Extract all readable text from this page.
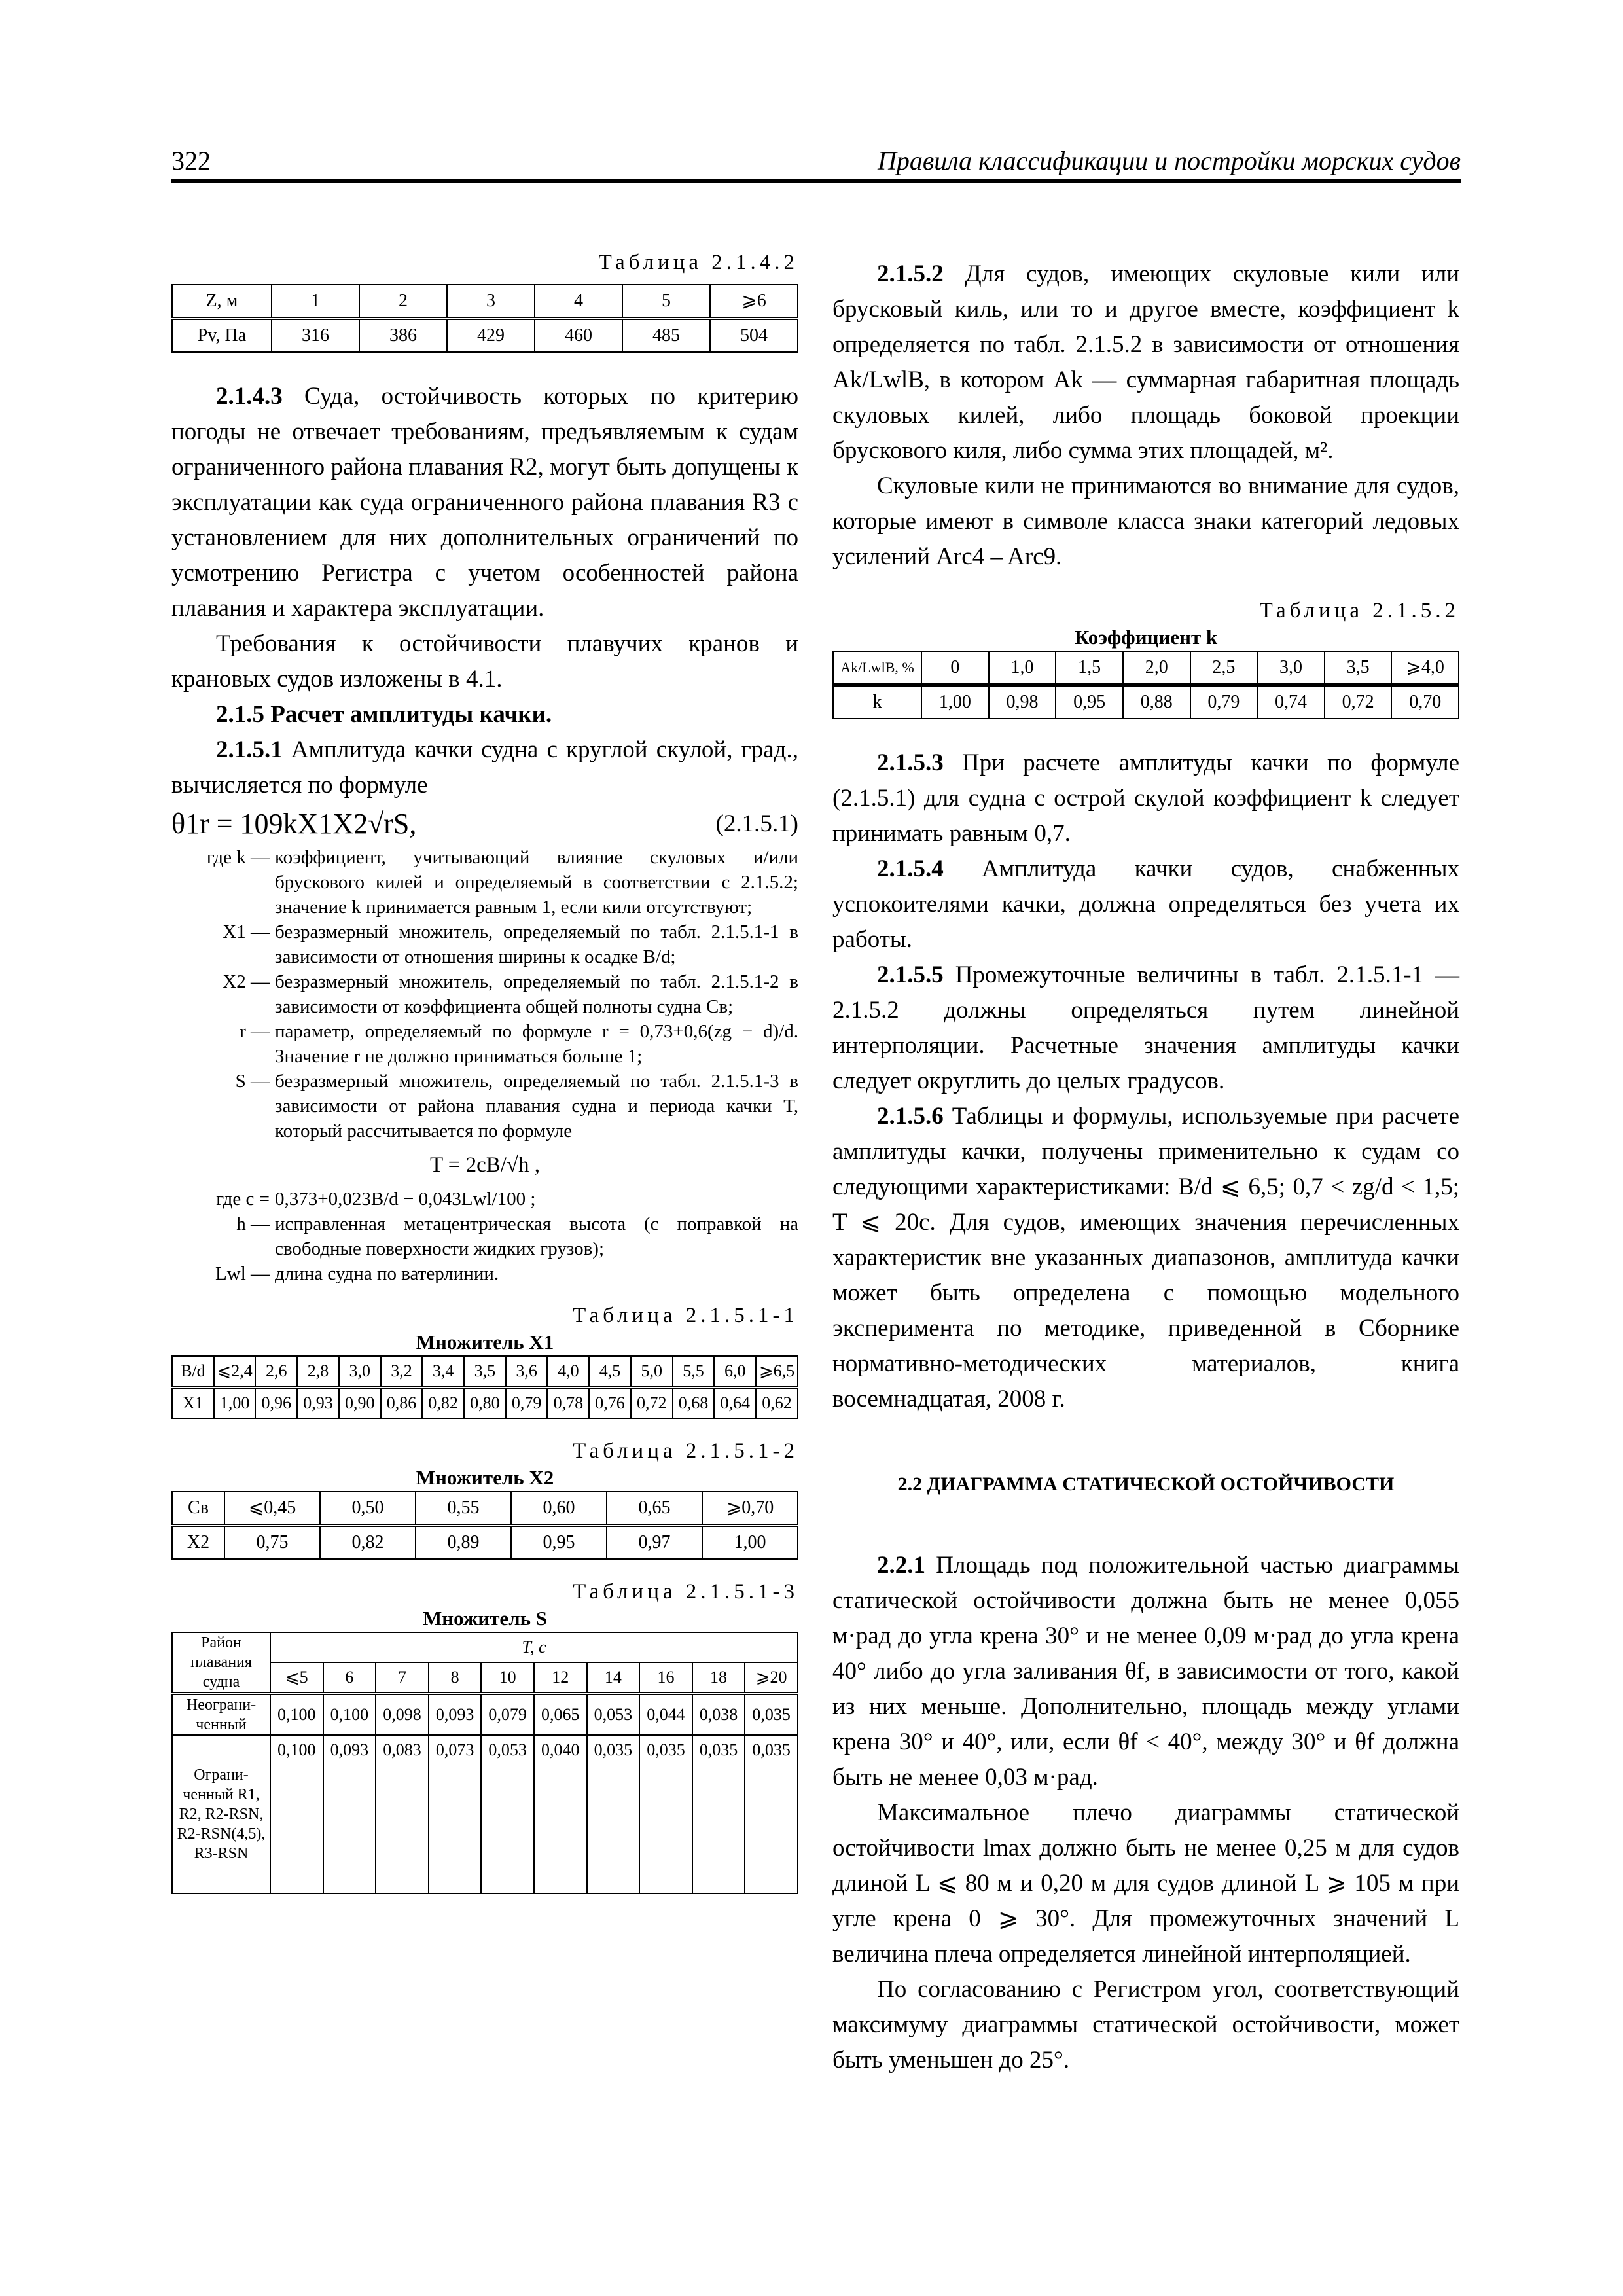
322	Правила классификации и постройки морских судов
Таблица 2.1.4.2
Z, м	1	2	3	4	5	⩾6
Pv, Па	316	386	429	460	485	504

2.1.4.3 Суда, остойчивость которых по критерию погоды не отвечает требованиям, предъявляемым к судам ограниченного района плавания R2, могут быть допущены к эксплуатации как суда ограниченного района плавания R3 с установлением для них дополнительных ограничений по усмотрению Регистра с учетом особенностей района плавания и характера эксплуатации.

Требования к остойчивости плавучих кранов и крановых судов изложены в 4.1.

2.1.5 Расчет амплитуды качки.

2.1.5.1 Амплитуда качки судна с круглой скулой, град., вычисляется по формуле

θ1r = 109kX1X2√rS,	(2.1.5.1)
где k — коэффициент, учитывающий влияние скуловых и/или брускового килей и определяемый в соответствии с 2.1.5.2; значение k принимается равным 1, если кили отсутствуют;
X1 — безразмерный множитель, определяемый по табл. 2.1.5.1-1 в зависимости от отношения ширины к осадке B/d;
X2 — безразмерный множитель, определяемый по табл. 2.1.5.1-2 в зависимости от коэффициента общей полноты судна Cв;
r — параметр, определяемый по формуле r = 0,73+0,6(zg − d)/d. Значение r не должно приниматься больше 1;
S — безразмерный множитель, определяемый по табл. 2.1.5.1-3 в зависимости от района плавания судна и периода качки T, который рассчитывается по формуле
T = 2cB/√h ,
где c = 0,373+0,023B/d − 0,043Lwl/100 ;
h — исправленная метацентрическая высота (с поправкой на свободные поверхности жидких грузов);
Lwl — длина судна по ватерлинии.
Таблица 2.1.5.1-1
Множитель X1
B/d	⩽2,4	2,6	2,8	3,0	3,2	3,4	3,5	3,6	4,0	4,5	5,0	5,5	6,0	⩾6,5
X1	1,00	0,96	0,93	0,90	0,86	0,82	0,80	0,79	0,78	0,76	0,72	0,68	0,64	0,62
Таблица 2.1.5.1-2
Множитель X2
Cв	⩽0,45	0,50	0,55	0,60	0,65	⩾0,70
X2	0,75	0,82	0,89	0,95	0,97	1,00
Таблица 2.1.5.1-3
Множитель S
Район плавания судна	T, с									
	⩽5	6	7	8	10	12	14	16	18	⩾20
Неограни-ченный	0,100	0,100	0,098	0,093	0,079	0,065	0,053	0,044	0,038	0,035
Ограни-ченный R1, R2, R2-RSN, R2-RSN(4,5), R3-RSN	0,100	0,093	0,083	0,073	0,053	0,040	0,035	0,035	0,035	0,035

2.1.5.2 Для судов, имеющих скуловые кили или брусковый киль, или то и другое вместе, коэффициент k определяется по табл. 2.1.5.2 в зависимости от отношения Ak/LwlB, в котором Ak — суммарная габаритная площадь скуловых килей, либо площадь боковой проекции брускового киля, либо сумма этих площадей, м².

Скуловые кили не принимаются во внимание для судов, которые имеют в символе класса знаки категорий ледовых усилений Arc4 – Arc9.

Таблица 2.1.5.2
Коэффициент k
Ak/LwlB, %	0	1,0	1,5	2,0	2,5	3,0	3,5	⩾4,0
k	1,00	0,98	0,95	0,88	0,79	0,74	0,72	0,70

2.1.5.3 При расчете амплитуды качки по формуле (2.1.5.1) для судна с острой скулой коэффициент k следует принимать равным 0,7.

2.1.5.4 Амплитуда качки судов, снабженных успокоителями качки, должна определяться без учета их работы.

2.1.5.5 Промежуточные величины в табл. 2.1.5.1-1 — 2.1.5.2 должны определяться путем линейной интерполяции. Расчетные значения амплитуды качки следует округлить до целых градусов.

2.1.5.6 Таблицы и формулы, используемые при расчете амплитуды качки, получены применительно к судам со следующими характеристиками: B/d ⩽ 6,5; 0,7 < zg/d < 1,5; T ⩽ 20c. Для судов, имеющих значения перечисленных характеристик вне указанных диапазонов, амплитуда качки может быть определена с помощью модельного эксперимента по методике, приведенной в Сборнике нормативно-методических материалов, книга восемнадцатая, 2008 г.

2.2 ДИАГРАММА СТАТИЧЕСКОЙ ОСТОЙЧИВОСТИ

2.2.1 Площадь под положительной частью диаграммы статической остойчивости должна быть не менее 0,055 м·рад до угла крена 30° и не менее 0,09 м·рад до угла крена 40° либо до угла заливания θf, в зависимости от того, какой из них меньше. Дополнительно, площадь между углами крена 30° и 40°, или, если θf < 40°, между 30° и θf должна быть не менее 0,03 м·рад.

Максимальное плечо диаграммы статической остойчивости lmax должно быть не менее 0,25 м для судов длиной L ⩽ 80 м и 0,20 м для судов длиной L ⩾ 105 м при угле крена 0 ⩾ 30°. Для промежуточных значений L величина плеча определяется линейной интерполяцией.

По согласованию с Регистром угол, соответствующий максимуму диаграммы статической остойчивости, может быть уменьшен до 25°.
